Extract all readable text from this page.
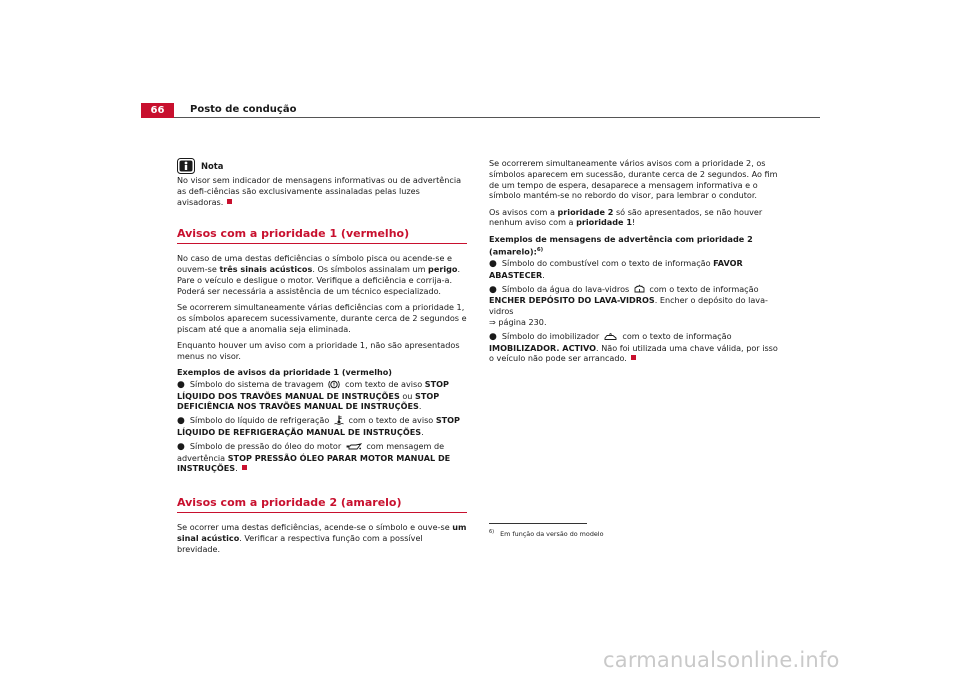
66	Posto de condução
Nota

No visor sem indicador de mensagens informativas ou de advertência as defi-ciências são exclusivamente assinaladas pelas luzes avisadoras.

Avisos com a prioridade 1 (vermelho)

No caso de uma destas deficiências o símbolo pisca ou acende-se e ouvem-se três sinais acústicos. Os símbolos assinalam um perigo. Pare o veículo e desligue o motor. Verifique a deficiência e corrija-a. Poderá ser necessária a assistência de um técnico especializado.

Se ocorrerem simultaneamente várias deficiências com a prioridade 1, os símbolos aparecem sucessivamente, durante cerca de 2 segundos e piscam até que a anomalia seja eliminada.

Enquanto houver um aviso com a prioridade 1, não são apresentados menus no visor.

Exemplos de avisos da prioridade 1 (vermelho)
● Símbolo do sistema de travagem  com texto de aviso STOP LÍQUIDO DOS TRAVÕES MANUAL DE INSTRUÇÕES ou STOP DEFICIÊNCIA NOS TRAVÕES MANUAL DE INSTRUÇÕES.
● Símbolo do líquido de refrigeração  com o texto de aviso STOP LÍQUIDO DE REFRIGERAÇÃO MANUAL DE INSTRUÇÕES.
● Símbolo de pressão do óleo do motor  com mensagem de advertência STOP PRESSÃO ÓLEO PARAR MOTOR MANUAL DE INSTRUÇÕES.
Avisos com a prioridade 2 (amarelo)

Se ocorrer uma destas deficiências, acende-se o símbolo e ouve-se um sinal acústico. Verificar a respectiva função com a possível brevidade.

Se ocorrerem simultaneamente vários avisos com a prioridade 2, os símbolos aparecem em sucessão, durante cerca de 2 segundos. Ao fim de um tempo de espera, desaparece a mensagem informativa e o símbolo mantém-se no rebordo do visor, para lembrar o condutor.

Os avisos com a prioridade 2 só são apresentados, se não houver nenhum aviso com a prioridade 1!

Exemplos de mensagens de advertência com prioridade 2 (amarelo):$^{6)}$
● Símbolo do combustível com o texto de informação FAVOR ABASTECER.
● Símbolo da água do lava-vidros  com o texto de informação ENCHER DEPÓSITO DO LAVA-VIDROS. Encher o depósito do lava-vidros
⇒ página 230.
● Símbolo do imobilizador  com o texto de informação IMOBILIZADOR. ACTIVO. Não foi utilizada uma chave válida, por isso o veículo não pode ser arrancado.
$^{6)}$ Em função da versão do modelo
carmanualsonline.info
